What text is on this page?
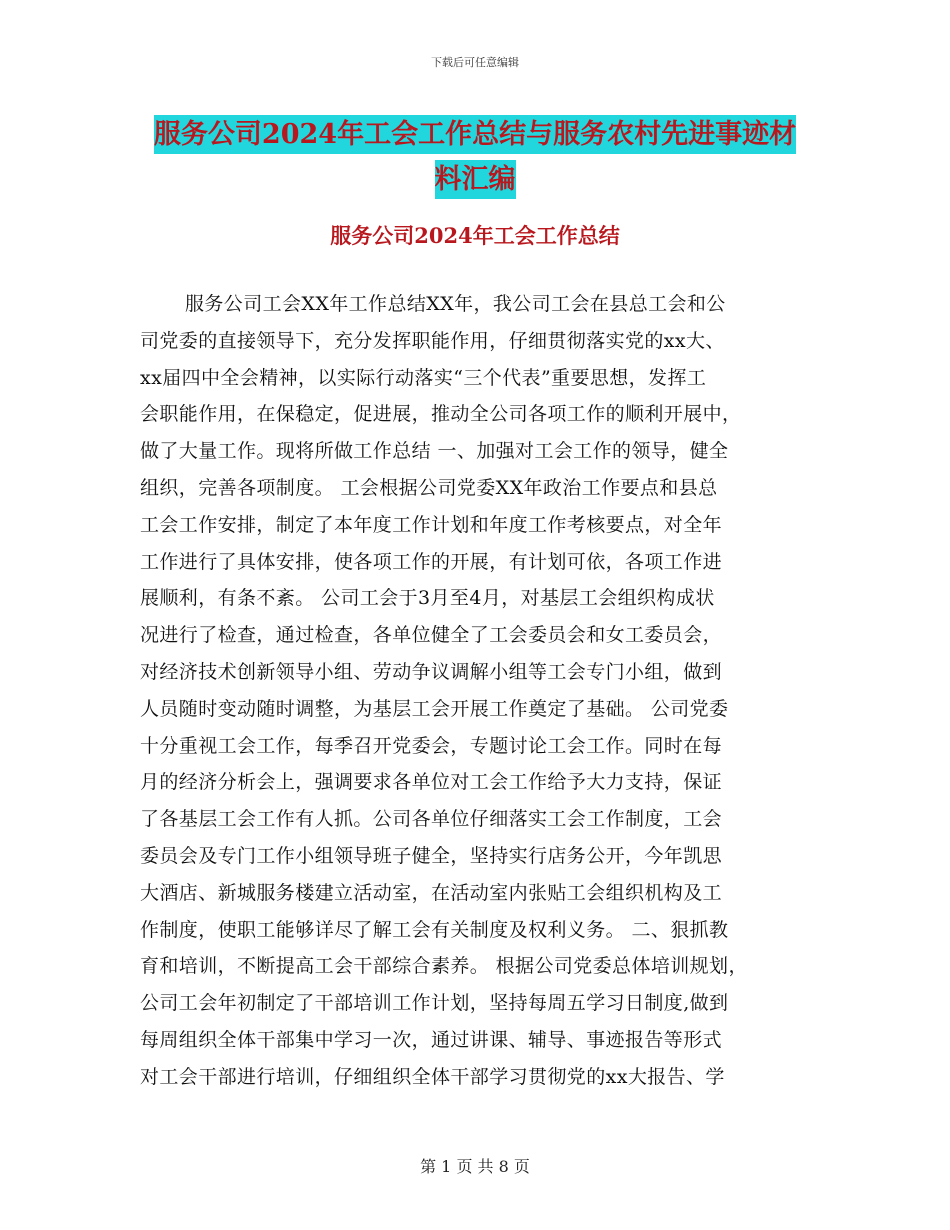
下载后可任意编辑
服务公司2024年工会工作总结与服务农村先进事迹材
料汇编
服务公司2024年工会工作总结
服务公司工会XX年工作总结XX年，我公司工会在县总工会和公
司党委的直接领导下，充分发挥职能作用，仔细贯彻落实党的xx大、
xx届四中全会精神，以实际行动落实“三个代表”重要思想，发挥工
会职能作用，在保稳定，促进展，推动全公司各项工作的顺利开展中，
做了大量工作。现将所做工作总结 一、加强对工会工作的领导，健全
组织，完善各项制度。 工会根据公司党委XX年政治工作要点和县总
工会工作安排，制定了本年度工作计划和年度工作考核要点，对全年
工作进行了具体安排，使各项工作的开展，有计划可依，各项工作进
展顺利，有条不紊。 公司工会于3月至4月，对基层工会组织构成状
况进行了检查，通过检查，各单位健全了工会委员会和女工委员会，
对经济技术创新领导小组、劳动争议调解小组等工会专门小组，做到
人员随时变动随时调整，为基层工会开展工作奠定了基础。 公司党委
十分重视工会工作，每季召开党委会，专题讨论工会工作。同时在每
月的经济分析会上，强调要求各单位对工会工作给予大力支持，保证
了各基层工会工作有人抓。公司各单位仔细落实工会工作制度，工会
委员会及专门工作小组领导班子健全，坚持实行店务公开，今年凯思
大酒店、新城服务楼建立活动室，在活动室内张贴工会组织机构及工
作制度，使职工能够详尽了解工会有关制度及权利义务。 二、狠抓教
育和培训，不断提高工会干部综合素养。 根据公司党委总体培训规划，
公司工会年初制定了干部培训工作计划，坚持每周五学习日制度,做到
每周组织全体干部集中学习一次，通过讲课、辅导、事迹报告等形式
对工会干部进行培训，仔细组织全体干部学习贯彻党的xx大报告、学
第 1 页 共 8 页
